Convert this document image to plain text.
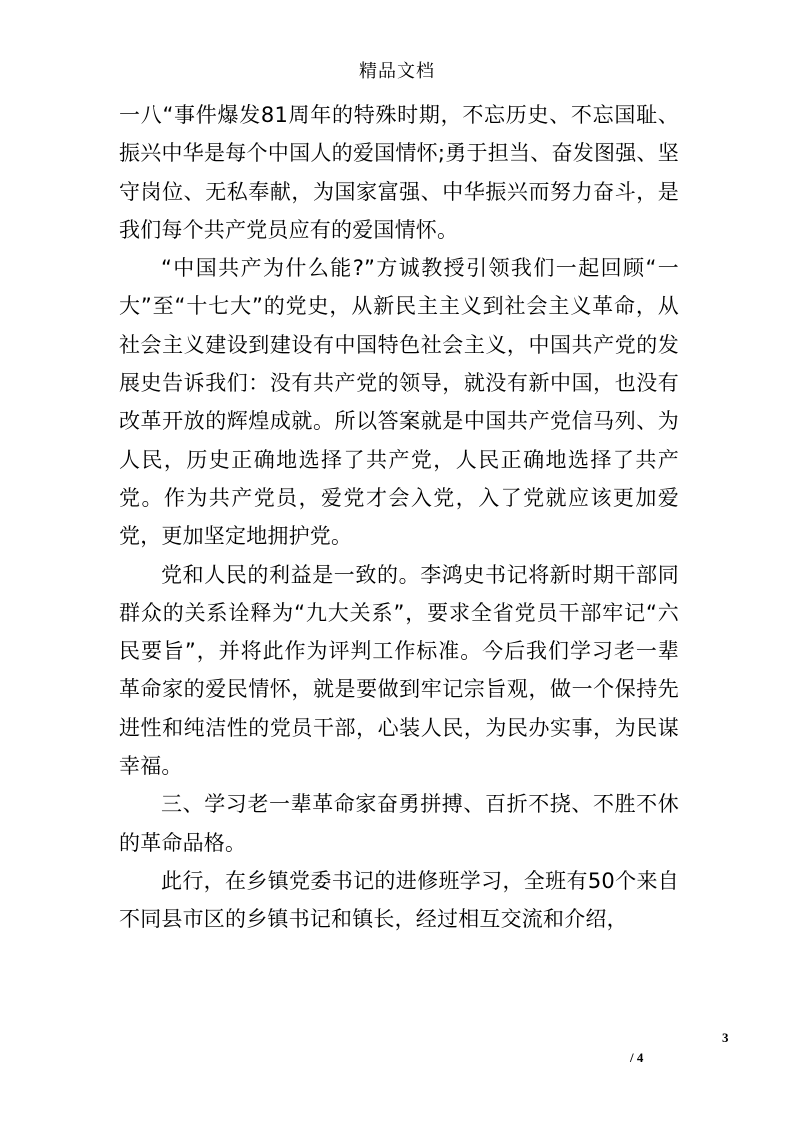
精品文档

一八“事件爆发81周年的特殊时期，不忘历史、不忘国耻、振兴中华是每个中国人的爱国情怀;勇于担当、奋发图强、坚守岗位、无私奉献，为国家富强、中华振兴而努力奋斗，是我们每个共产党员应有的爱国情怀。

“中国共产为什么能?”方诚教授引领我们一起回顾“一大”至“十七大”的党史，从新民主主义到社会主义革命，从社会主义建设到建设有中国特色社会主义，中国共产党的发展史告诉我们：没有共产党的领导，就没有新中国，也没有改革开放的辉煌成就。所以答案就是中国共产党信马列、为人民，历史正确地选择了共产党，人民正确地选择了共产党。作为共产党员，爱党才会入党，入了党就应该更加爱党，更加坚定地拥护党。

党和人民的利益是一致的。李鸿史书记将新时期干部同群众的关系诠释为“九大关系”，要求全省党员干部牢记“六民要旨”，并将此作为评判工作标准。今后我们学习老一辈革命家的爱民情怀，就是要做到牢记宗旨观，做一个保持先进性和纯洁性的党员干部，心装人民，为民办实事，为民谋幸福。

三、学习老一辈革命家奋勇拼搏、百折不挠、不胜不休的革命品格。

此行，在乡镇党委书记的进修班学习，全班有50个来自不同县市区的乡镇书记和镇长，经过相互交流和介绍，

3
/ 4
